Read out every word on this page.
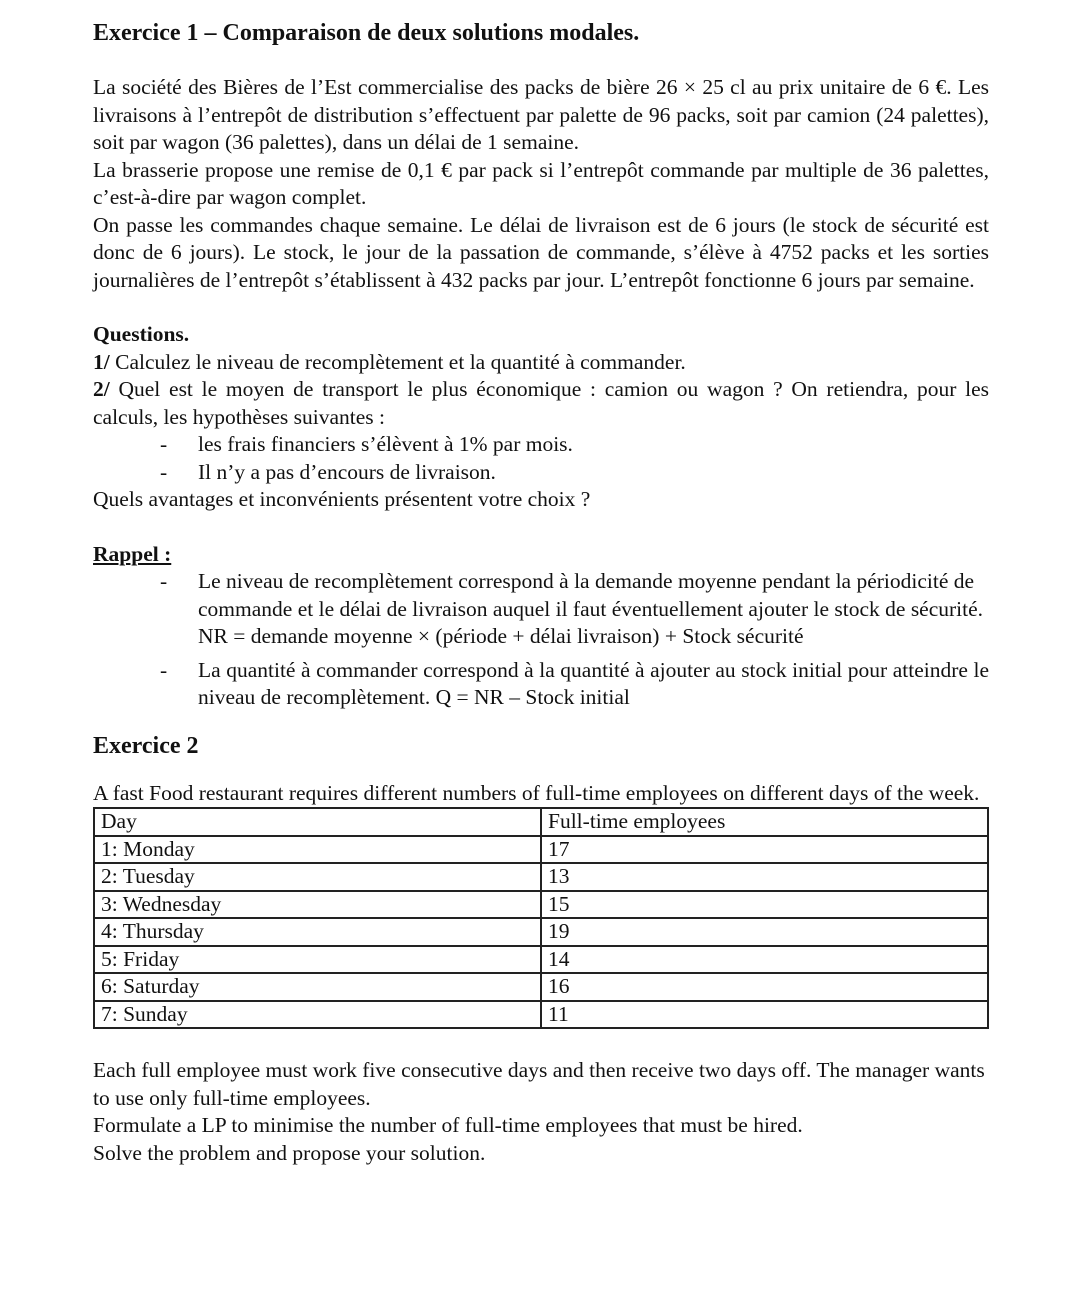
Exercice 1 – Comparaison de deux solutions modales.

La société des Bières de l’Est commercialise des packs de bière 26 × 25 cl au prix unitaire de 6 €. Les livraisons à l’entrepôt de distribution s’effectuent par palette de 96 packs, soit par camion (24 palettes), soit par wagon (36 palettes), dans un délai de 1 semaine.

La brasserie propose une remise de 0,1 € par pack si l’entrepôt commande par multiple de 36 palettes, c’est-à-dire par wagon complet.

On passe les commandes chaque semaine. Le délai de livraison est de 6 jours (le stock de sécurité est donc de 6 jours). Le stock, le jour de la passation de commande, s’élève à 4752 packs et les sorties journalières de l’entrepôt s’établissent à 432 packs par jour. L’entrepôt fonctionne 6 jours par semaine.

Questions.

1/ Calculez le niveau de recomplètement et la quantité à commander.

2/ Quel est le moyen de transport le plus économique : camion ou wagon ? On retiendra, pour les calculs, les hypothèses suivantes :

- les frais financiers s’élèvent à 1% par mois.
- Il n’y a pas d’encours de livraison.

Quels avantages et inconvénients présentent votre choix ?

Rappel :

- Le niveau de recomplètement correspond à la demande moyenne pendant la périodicité de commande et le délai de livraison auquel il faut éventuellement ajouter le stock de sécurité. NR = demande moyenne × (période + délai livraison) + Stock sécurité
- La quantité à commander correspond à la quantité à ajouter au stock initial pour atteindre le niveau de recomplètement. Q = NR – Stock initial
Exercice 2

A fast Food restaurant requires different numbers of full-time employees on different days of the week.

Day	Full-time employees
1: Monday	17
2: Tuesday	13
3: Wednesday	15
4: Thursday	19
5: Friday	14
6: Saturday	16
7: Sunday	11

Each full employee must work five consecutive days and then receive two days off. The manager wants to use only full-time employees.

Formulate a LP to minimise the number of full-time employees that must be hired.

Solve the problem and propose your solution.
